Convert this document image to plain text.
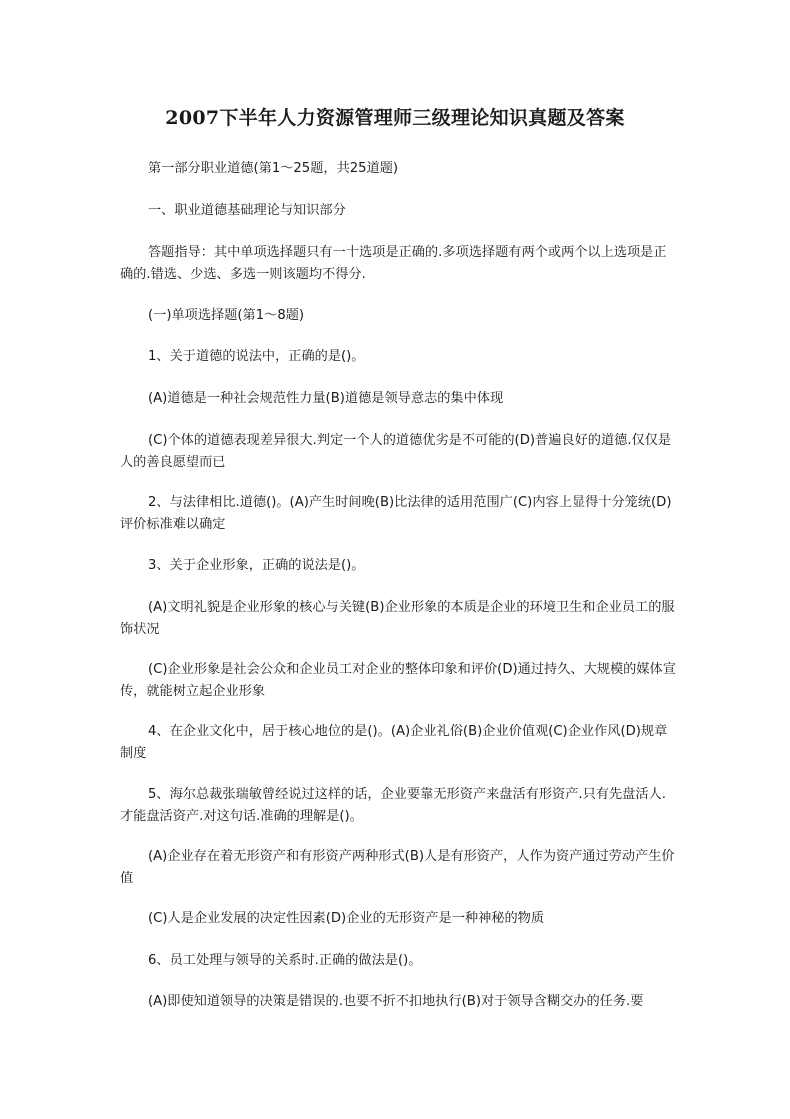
2007下半年人力资源管理师三级理论知识真题及答案

第一部分职业道德(第1～25题，共25道题)

一、职业道德基础理论与知识部分

答题指导：其中单项选择题只有一十选项是正确的.多项选择题有两个或两个以上选项是正确的.错选、少选、多选一则该题均不得分.

(一)单项选择题(第1～8题)

1、关于道德的说法中，正确的是()。

(A)道德是一种社会规范性力量(B)道德是领导意志的集中体现

(C)个体的道德表现差异很大.判定一个人的道德优劣是不可能的(D)普遍良好的道德.仅仅是人的善良愿望而已

2、与法律相比.道德()。(A)产生时间晚(B)比法律的适用范围广(C)内容上显得十分笼统(D)评价标准难以确定

3、关于企业形象，正确的说法是()。

(A)文明礼貌是企业形象的核心与关键(B)企业形象的本质是企业的环境卫生和企业员工的服饰状况

(C)企业形象是社会公众和企业员工对企业的整体印象和评价(D)通过持久、大规模的媒体宣传，就能树立起企业形象

4、在企业文化中，居于核心地位的是()。(A)企业礼俗(B)企业价值观(C)企业作风(D)规章制度

5、海尔总裁张瑞敏曾经说过这样的话，企业要靠无形资产来盘活有形资产.只有先盘活人.才能盘活资产.对这句话.准确的理解是()。

(A)企业存在着无形资产和有形资产两种形式(B)人是有形资产，人作为资产通过劳动产生价值

(C)人是企业发展的决定性因素(D)企业的无形资产是一种神秘的物质

6、员工处理与领导的关系时.正确的做法是()。

(A)即使知道领导的决策是错误的.也要不折不扣地执行(B)对于领导含糊交办的任务.要
